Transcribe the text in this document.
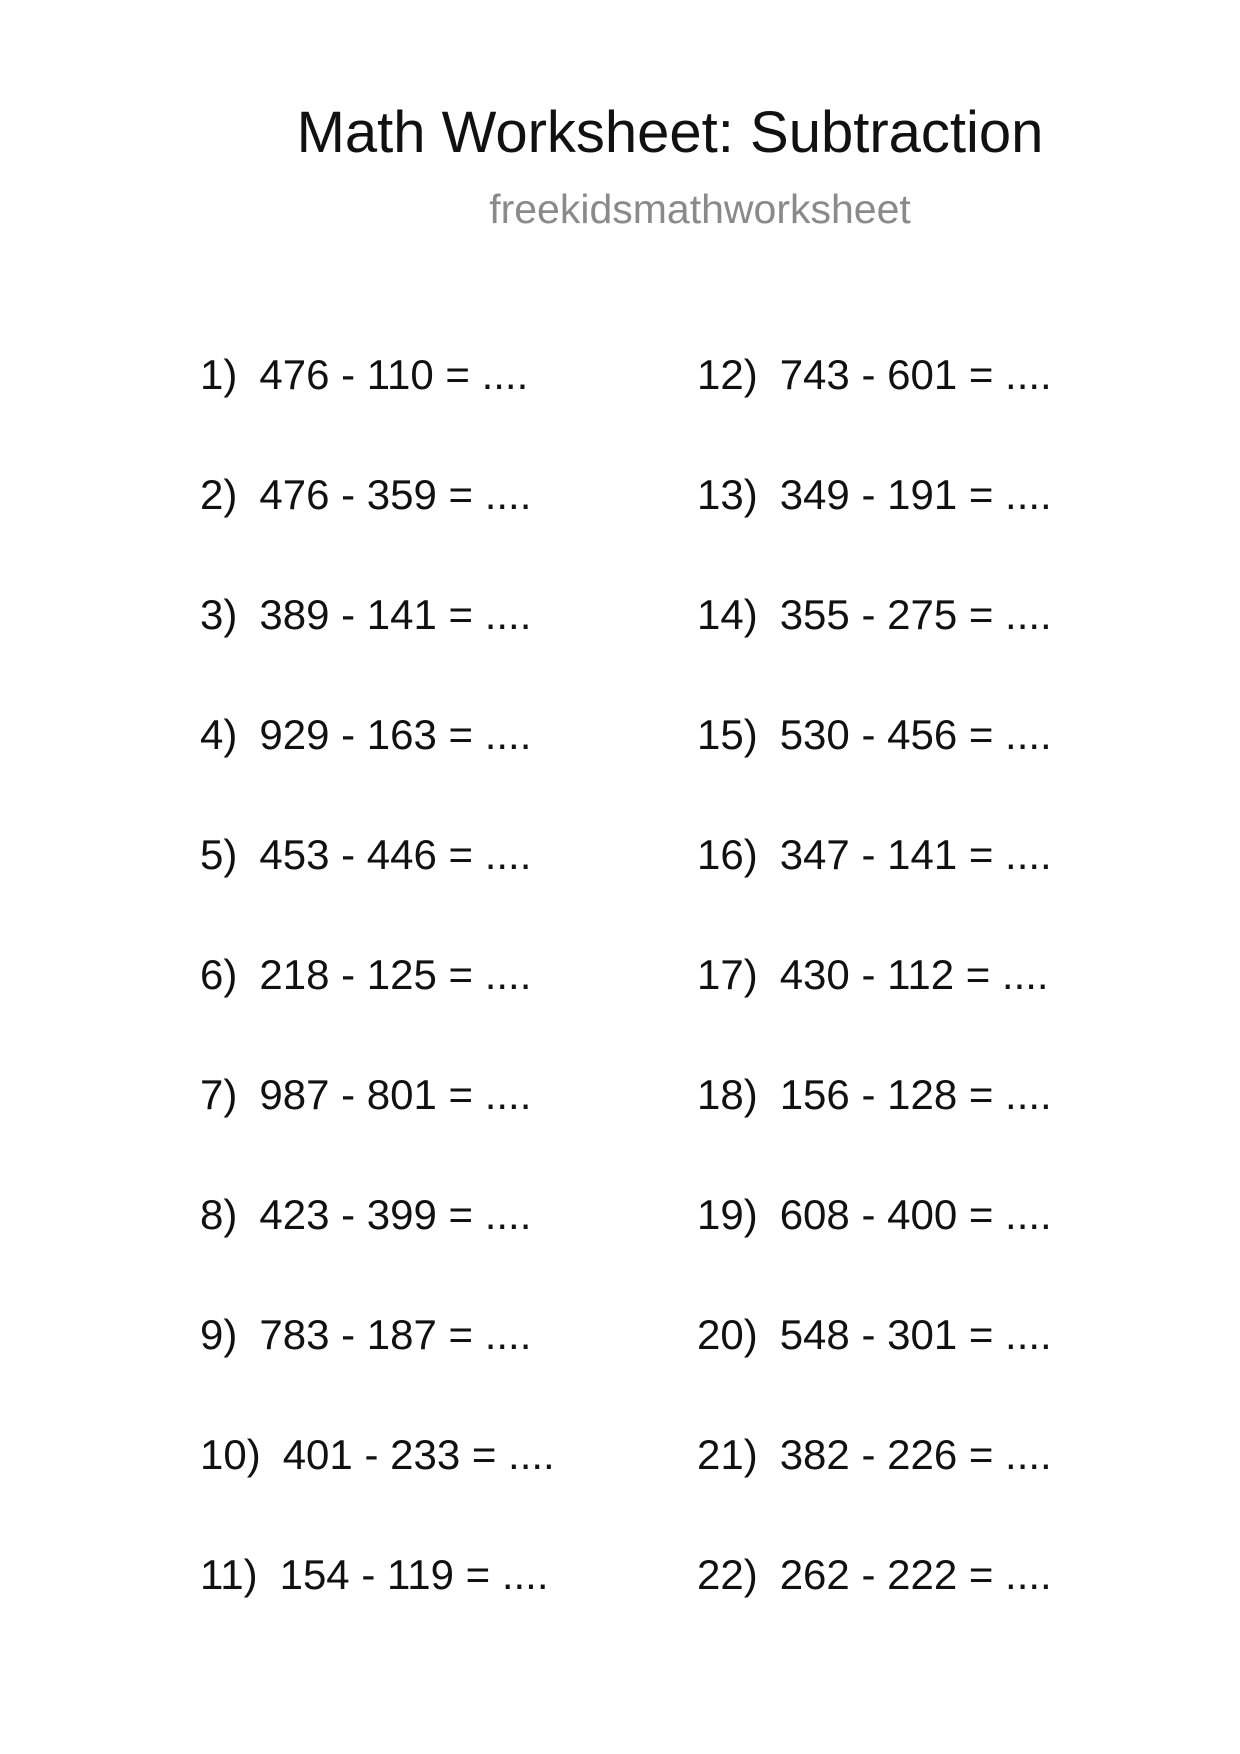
Math Worksheet: Subtraction
freekidsmathworksheet
1) 476 - 110 = ....
2) 476 - 359 = ....
3) 389 - 141 = ....
4) 929 - 163 = ....
5) 453 - 446 = ....
6) 218 - 125 = ....
7) 987 - 801 = ....
8) 423 - 399 = ....
9) 783 - 187 = ....
10) 401 - 233 = ....
11) 154 - 119 = ....
12) 743 - 601 = ....
13) 349 - 191 = ....
14) 355 - 275 = ....
15) 530 - 456 = ....
16) 347 - 141 = ....
17) 430 - 112 = ....
18) 156 - 128 = ....
19) 608 - 400 = ....
20) 548 - 301 = ....
21) 382 - 226 = ....
22) 262 - 222 = ....
